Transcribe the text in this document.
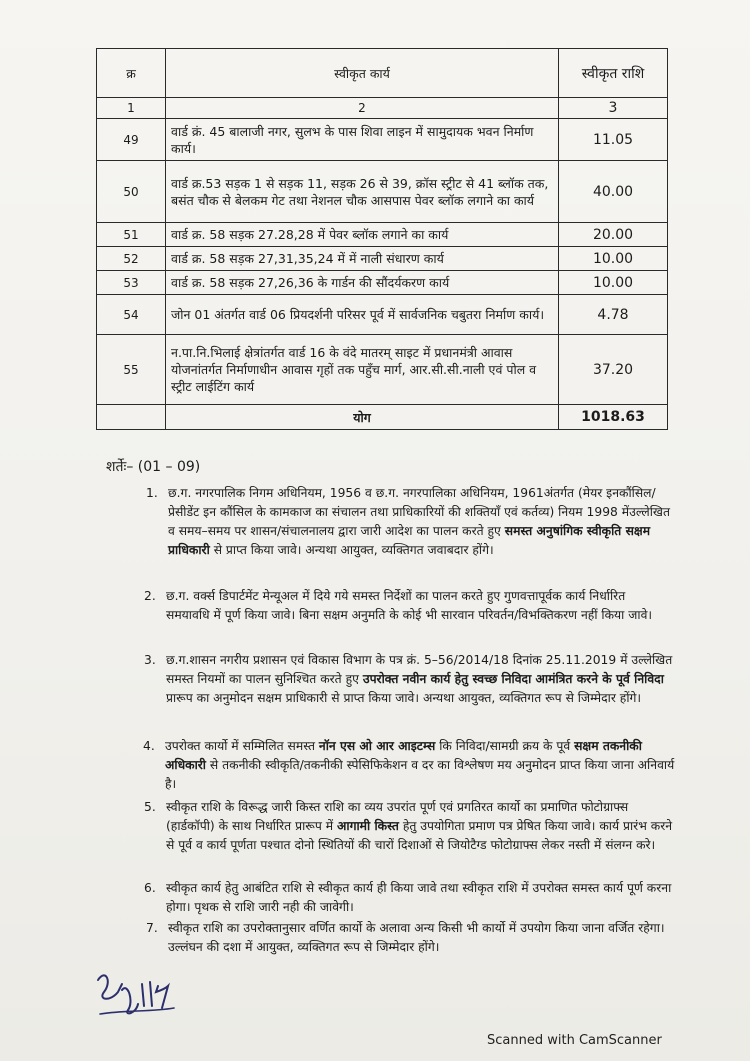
क्र	स्वीकृत कार्य	स्वीकृत राशि
1	2	3
49	वार्ड क्रं. 45 बालाजी नगर, सुलभ के पास शिवा लाइन में सामुदायक भवन निर्माण कार्य।	11.05
50	वार्ड क्र.53 सड़क 1 से सड़क 11, सड़क 26 से 39, क्रॉस स्ट्रीट से 41 ब्लॉक तक, बसंत चौक से बेलकम गेट तथा नेशनल चौक आसपास पेवर ब्लॉक लगाने का कार्य	40.00
51	वार्ड क्र. 58 सड़क 27.28,28 में पेवर ब्लॉक लगाने का कार्य	20.00
52	वार्ड क्र. 58 सड़क 27,31,35,24 में में नाली संधारण कार्य	10.00
53	वार्ड क्र. 58 सड़क 27,26,36 के गार्डन की सौंदर्यकरण कार्य	10.00
54	जोन 01 अंतर्गत वार्ड 06 प्रियदर्शनी परिसर पूर्व में सार्वजनिक चबुतरा निर्माण कार्य।	4.78
55	न.पा.नि.भिलाई क्षेत्रांतर्गत वार्ड 16 के वंदे मातरम् साइट में प्रधानमंत्री आवास योजनांतर्गत निर्माणाधीन आवास गृहों तक पहुँच मार्ग, आर.सी.सी.नाली एवं पोल व स्ट्रीट लाईटिंग कार्य	37.20
	योग	1018.63
शर्तेः– (01 – 09)
1. छ.ग. नगरपालिक निगम अधिनियम, 1956 व छ.ग. नगरपालिका अधिनियम, 1961अंतर्गत (मेयर इनकौंसिल/प्रेसीडेंट इन कौंसिल के कामकाज का संचालन तथा प्राधिकारियों की शक्तियाँ एवं कर्तव्य) नियम 1998 मेंउल्लेखित व समय–समय पर शासन/संचालनालय द्वारा जारी आदेश का पालन करते हुए समस्त अनुषांगिक स्वीकृति सक्षम प्राधिकारी से प्राप्त किया जावे। अन्यथा आयुक्त, व्यक्तिगत जवाबदार होंगे।
2. छ.ग. वर्क्स डिपार्टमेंट मेन्यूअल में दिये गये समस्त निर्देशों का पालन करते हुए गुणवत्तापूर्वक कार्य निर्धारित समयावधि में पूर्ण किया जावे। बिना सक्षम अनुमति के कोई भी सारवान परिवर्तन/विभक्तिकरण नहीं किया जावे।
3. छ.ग.शासन नगरीय प्रशासन एवं विकास विभाग के पत्र क्रं. 5–56/2014/18 दिनांक 25.11.2019 में उल्लेखित समस्त नियमों का पालन सुनिश्चित करते हुए उपरोक्त नवीन कार्य हेतु स्वच्छ निविदा आमंत्रित करने के पूर्व निविदा प्रारूप का अनुमोदन सक्षम प्राधिकारी से प्राप्त किया जावे। अन्यथा आयुक्त, व्यक्तिगत रूप से जिम्मेदार होंगे।
4. उपरोक्त कार्यो में सम्मिलित समस्त नॉन एस ओ आर आइटम्स कि निविदा/सामग्री क्रय के पूर्व सक्षम तकनीकी अधिकारी से तकनीकी स्वीकृति/तकनीकी स्पेसिफिकेशन व दर का विश्लेषण मय अनुमोदन प्राप्त किया जाना अनिवार्य है।
5. स्वीकृत राशि के विरूद्ध जारी किस्त राशि का व्यय उपरांत पूर्ण एवं प्रगतिरत कार्यो का प्रमाणित फोटोग्राफ्स (हार्डकॉपी) के साथ निर्धारित प्रारूप में आगामी किस्त हेतु उपयोगिता प्रमाण पत्र प्रेषित किया जावे। कार्य प्रारंभ करने से पूर्व व कार्य पूर्णता पश्चात दोनो स्थितियों की चारों दिशाओं से जियोटैग्ड फोटोग्राफ्स लेकर नस्ती में संलग्न करे।
6. स्वीकृत कार्य हेतु आबंटित राशि से स्वीकृत कार्य ही किया जावे तथा स्वीकृत राशि में उपरोक्त समस्त कार्य पूर्ण करना होगा। पृथक से राशि जारी नही की जावेगी।
7. स्वीकृत राशि का उपरोक्तानुसार वर्णित कार्यो के अलावा अन्य किसी भी कार्यो में उपयोग किया जाना वर्जित रहेगा। उल्लंघन की दशा में आयुक्त, व्यक्तिगत रूप से जिम्मेदार होंगे।
Scanned with CamScanner
